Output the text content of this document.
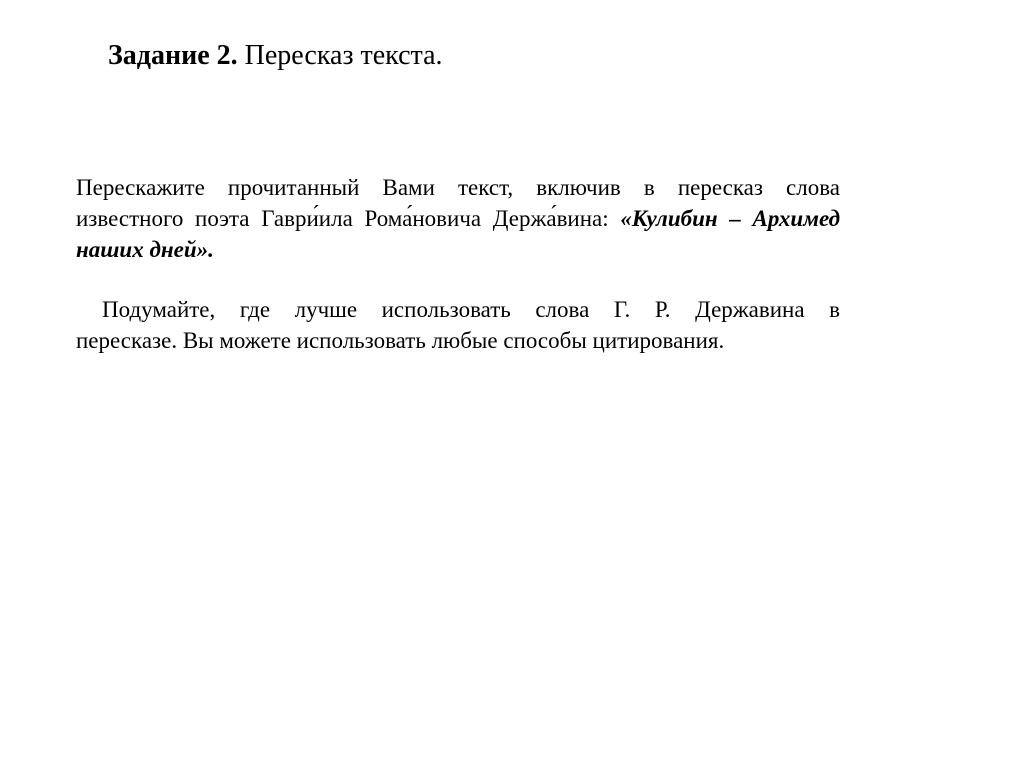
Задание 2. Пересказ текста.
Перескажите прочитанный Вами текст, включив в пересказ слова
известного поэта Гаври́ила Рома́новича Держа́вина: «Кулибин – Архимед
наших дней».
Подумайте, где лучше использовать слова Г. Р. Державина в
пересказе. Вы можете использовать любые способы цитирования.
